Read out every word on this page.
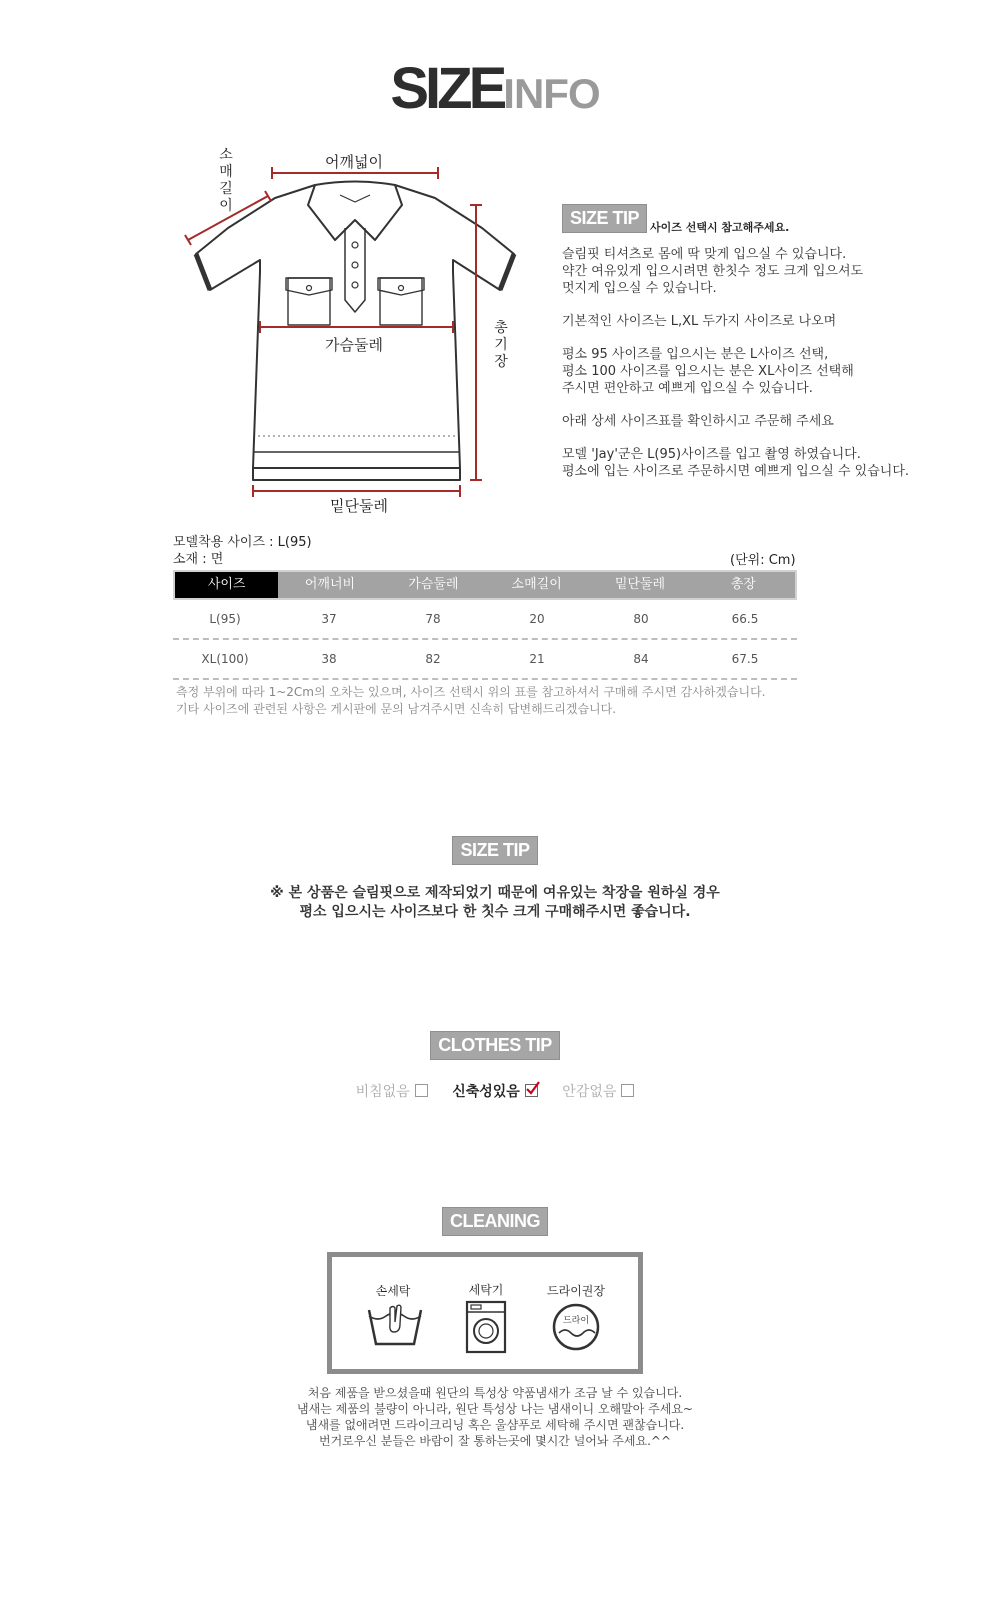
SIZEINFO
어깨넓이
소
매
길
이
가슴둘레
총
기
장
밑단둘레
SIZE TIP 사이즈 선택시 참고해주세요.

슬림핏 티셔츠로 몸에 딱 맞게 입으실 수 있습니다.
약간 여유있게 입으시려면 한칫수 정도 크게 입으셔도
멋지게 입으실 수 있습니다.

기본적인 사이즈는 L,XL 두가지 사이즈로 나오며

평소 95 사이즈를 입으시는 분은 L사이즈 선택,
평소 100 사이즈를 입으시는 분은 XL사이즈 선택해
주시면 편안하고 예쁘게 입으실 수 있습니다.

아래 상세 사이즈표를 확인하시고 주문해 주세요

모델 'Jay'군은 L(95)사이즈를 입고 촬영 하였습니다.
평소에 입는 사이즈로 주문하시면 예쁘게 입으실 수 있습니다.

모델착용 사이즈 : L(95)
소재 : 면	(단위: Cm)
사이즈	어깨너비	가슴둘레	소매길이	밑단둘레	총장
L(95)	37	78	20	80	66.5
XL(100)	38	82	21	84	67.5
측정 부위에 따라 1~2Cm의 오차는 있으며, 사이즈 선택시 위의 표를 참고하셔서 구매해 주시면 감사하겠습니다.
기타 사이즈에 관련된 사항은 게시판에 문의 남겨주시면 신속히 답변해드리겠습니다.
SIZE TIP
※ 본 상품은 슬림핏으로 제작되었기 때문에 여유있는 착장을 원하실 경우
평소 입으시는 사이즈보다 한 칫수 크게 구매해주시면 좋습니다.
CLOTHES TIP
비침없음	신축성있음	안감없음
CLEANING
손세탁	세탁기	드라이권장
드라이
처음 제품을 받으셨을때 원단의 특성상 약품냄새가 조금 날 수 있습니다.
냄새는 제품의 불량이 아니라, 원단 특성상 나는 냄새이니 오해말아 주세요~
냄새를 없애려면 드라이크리닝 혹은 울샴푸로 세탁해 주시면 괜찮습니다.
번거로우신 분들은 바람이 잘 통하는곳에 몇시간 널어놔 주세요.^^
